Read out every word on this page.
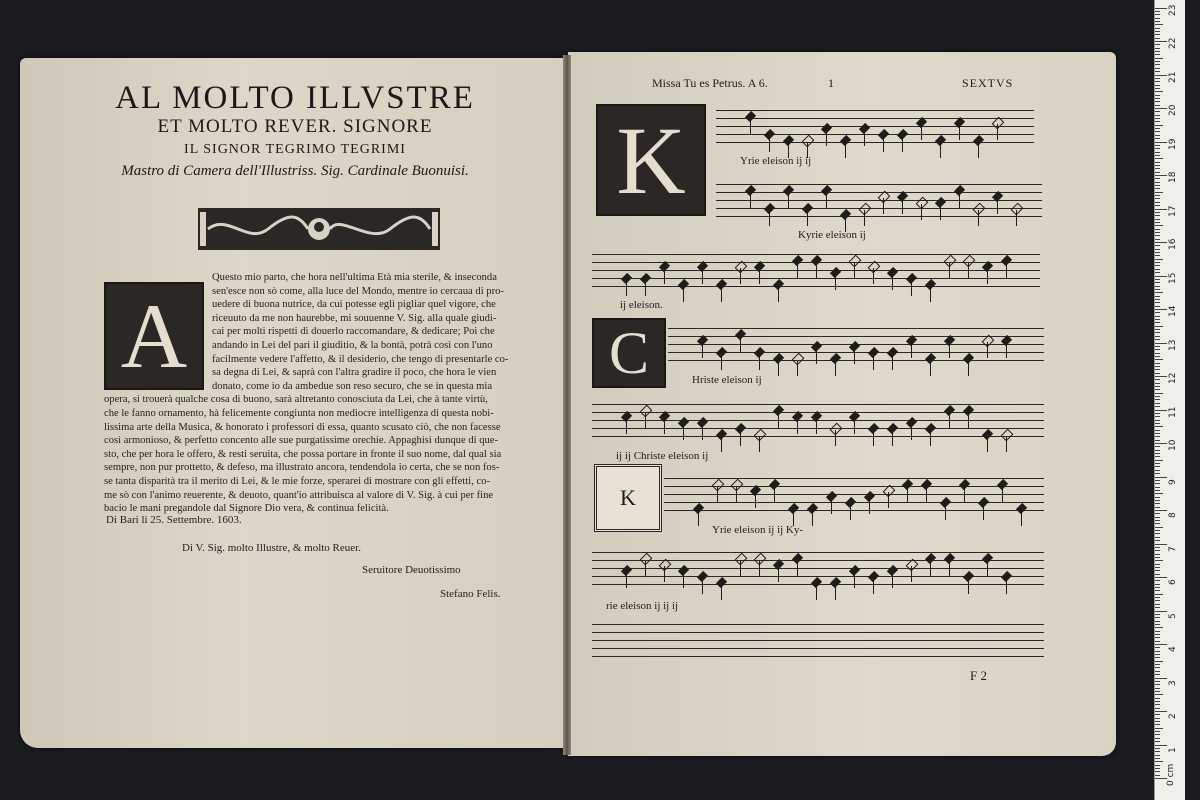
AL MOLTO ILLVSTRE
ET MOLTO REVER. SIGNORE
IL SIGNOR TEGRIMO TEGRIMI
Mastro di Camera dell'Illustriss. Sig. Cardinale Buonuisi.
A
Questo mio parto, che hora nell'ultima Età mia sterile, & inseconda
sen'esce non sò come, alla luce del Mondo, mentre io cercaua di pro-
uedere di buona nutrice, da cui potesse egli pigliar quel vigore, che
riceuuto da me non haurebbe, mi souuenne V. Sig. alla quale giudi-
cai per molti rispetti di douerlo raccomandare, & dedicare; Poi che
andando in Lei del pari il giuditio, & la bontà, potrà così con l'uno
facilmente vedere l'affetto, & il desiderio, che tengo di presentarle co-
sa degna di Lei, & saprà con l'altra gradire il poco, che hora le vien
donato, come io da ambedue son reso securo, che se in questa mia
opera, si trouerà qualche cosa di buono, sarà altretanto conosciuta da Lei, che à tante virtù,
che le fanno ornamento, hà felicemente congiunta non mediocre intelligenza di questa nobi-
lissima arte della Musica, & honorato i professori di essa, quanto scusato ciò, che non facesse
così armonioso, & perfetto concento alle sue purgatissime orechie. Appaghisi dunque di que-
sto, che per hora le offero, & resti seruita, che possa portare in fronte il suo nome, dal qual sia
sempre, non pur prottetto, & defeso, ma illustrato ancora, tendendola io certa, che se non fos-
se tanta disparità tra il merito di Lei, & le mie forze, sperarei di mostrare con gli effetti, co-
me sò con l'animo reuerente, & deuoto, quant'io attribuisca al valore di V. Sig. à cui per fine
bacio le mani pregandole dal Signore Dio vera, & continua felicità.
Di Bari li 25. Settembre. 1603.
Di V. Sig. molto Illustre, & molto Reuer.
Seruitore Deuotissimo
Stefano Felis.
Missa Tu es Petrus. A 6.	1	SEXTVS
K
C
K
Yrie eleison ij ij
Kyrie eleison ij
ij eleison.
Hriste eleison ij
ij ij Christe eleison ij
Yrie eleison ij ij Ky-
rie eleison ij ij ij
F 2
23
22
21
20
19
18
17
16
15
14
13
12
11
10
9
8
7
6
5
4
3
2
1
0 cm
